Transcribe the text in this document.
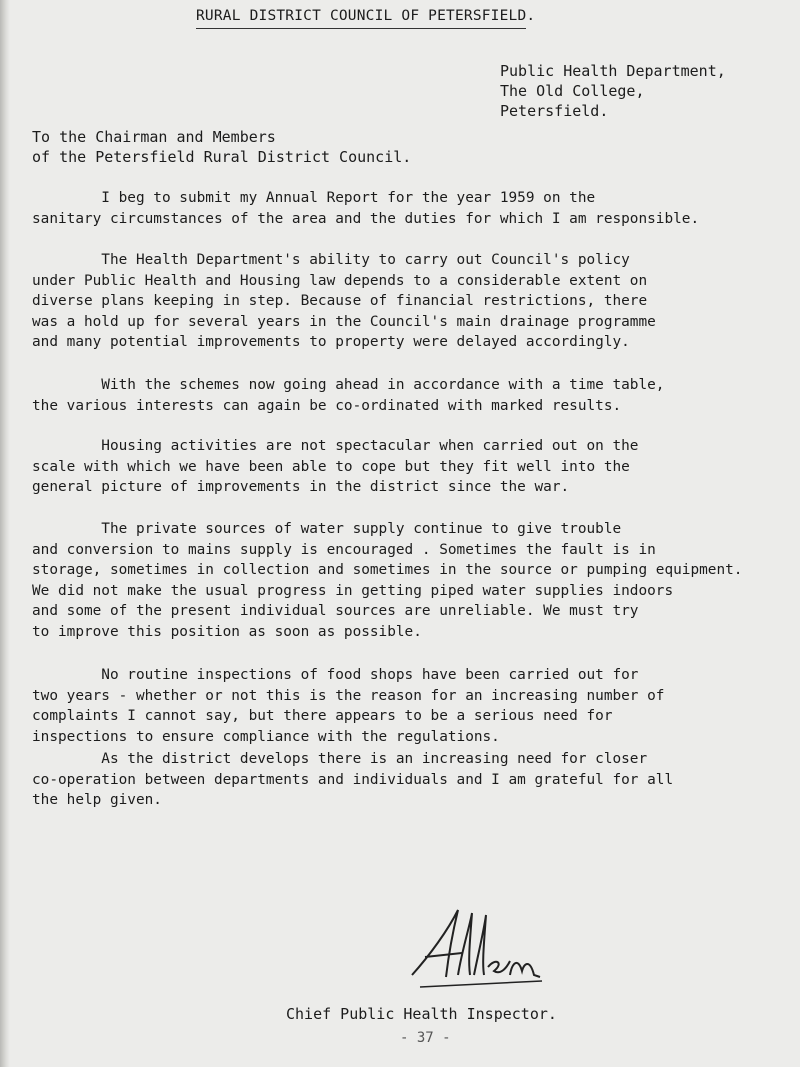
RURAL DISTRICT COUNCIL OF PETERSFIELD.
Public Health Department,
The Old College,
Petersfield.
To the Chairman and Members
of the Petersfield Rural District Council.
I beg to submit my Annual Report for the year 1959 on the
sanitary circumstances of the area and the duties for which I am responsible.
The Health Department's ability to carry out Council's policy
under Public Health and Housing law depends to a considerable extent on
diverse plans keeping in step. Because of financial restrictions, there
was a hold up for several years in the Council's main drainage programme
and many potential improvements to property were delayed accordingly.
With the schemes now going ahead in accordance with a time table,
the various interests can again be co-ordinated with marked results.
Housing activities are not spectacular when carried out on the
scale with which we have been able to cope but they fit well into the
general picture of improvements in the district since the war.
The private sources of water supply continue to give trouble
and conversion to mains supply is encouraged . Sometimes the fault is in
storage, sometimes in collection and sometimes in the source or pumping equipment.
We did not make the usual progress in getting piped water supplies indoors
and some of the present individual sources are unreliable. We must try
to improve this position as soon as possible.
No routine inspections of food shops have been carried out for
two years - whether or not this is the reason for an increasing number of
complaints I cannot say, but there appears to be a serious need for
inspections to ensure compliance with the regulations.
As the district develops there is an increasing need for closer
co-operation between departments and individuals and I am grateful for all
the help given.
Chief Public Health Inspector.
- 37 -
